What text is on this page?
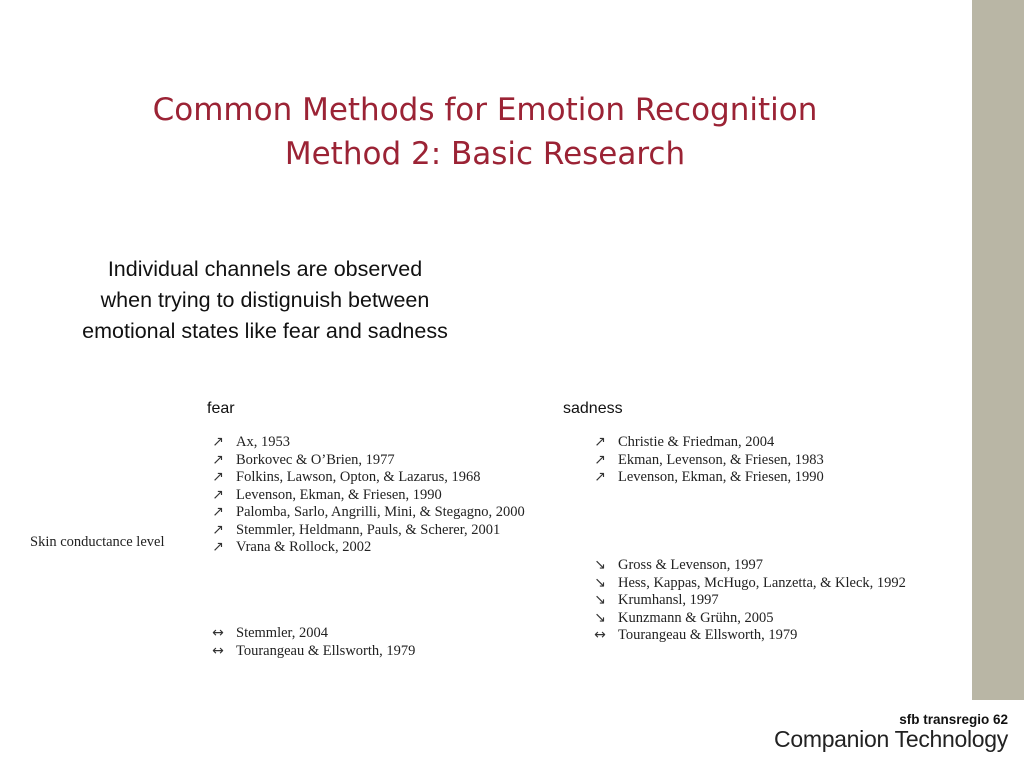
Common Methods for Emotion Recognition
Method 2: Basic Research
Individual channels are observed
when trying to distignuish between
emotional states like fear and sadness
fear	sadness
Skin conductance level
↗ Ax, 1953
↗ Borkovec & O’Brien, 1977
↗ Folkins, Lawson, Opton, & Lazarus, 1968
↗ Levenson, Ekman, & Friesen, 1990
↗ Palomba, Sarlo, Angrilli, Mini, & Stegagno, 2000
↗ Stemmler, Heldmann, Pauls, & Scherer, 2001
↗ Vrana & Rollock, 2002
↔ Stemmler, 2004
↔ Tourangeau & Ellsworth, 1979
↗ Christie & Friedman, 2004
↗ Ekman, Levenson, & Friesen, 1983
↗ Levenson, Ekman, & Friesen, 1990
↘ Gross & Levenson, 1997
↘ Hess, Kappas, McHugo, Lanzetta, & Kleck, 1992
↘ Krumhansl, 1997
↘ Kunzmann & Grühn, 2005
↔ Tourangeau & Ellsworth, 1979
sfb transregio 62
Companion Technology
